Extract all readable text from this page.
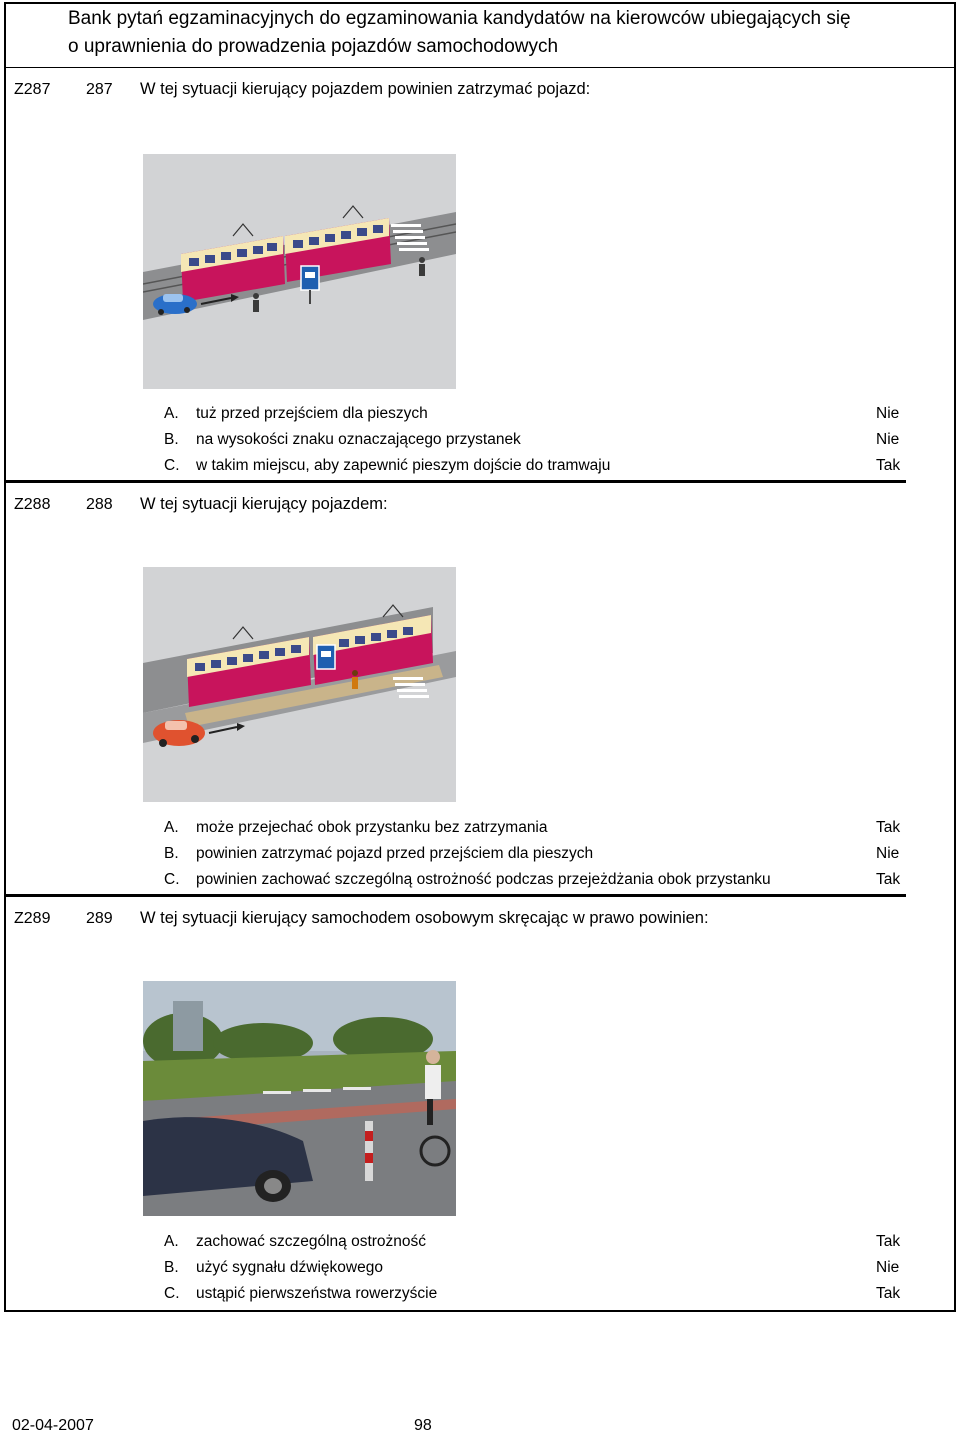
Bank pytań egzaminacyjnych do egzaminowania kandydatów na kierowców ubiegających się
o uprawnienia do prowadzenia pojazdów samochodowych
Z287 287 W tej sytuacji kierujący pojazdem powinien zatrzymać pojazd:
A. tuż przed przejściem dla pieszych	Nie
B. na wysokości znaku oznaczającego przystanek	Nie
C. w takim miejscu, aby zapewnić pieszym dojście do tramwaju	Tak
Z288 288 W tej sytuacji kierujący pojazdem:
A. może przejechać obok przystanku bez zatrzymania	Tak
B. powinien zatrzymać pojazd przed przejściem dla pieszych	Nie
C. powinien zachować szczególną ostrożność podczas przejeżdżania obok przystanku	Tak
Z289 289 W tej sytuacji kierujący samochodem osobowym skręcając w prawo powinien:
A. zachować szczególną ostrożność	Tak
B. użyć sygnału dźwiękowego	Nie
C. ustąpić pierwszeństwa rowerzyście	Tak
02-04-2007	98
